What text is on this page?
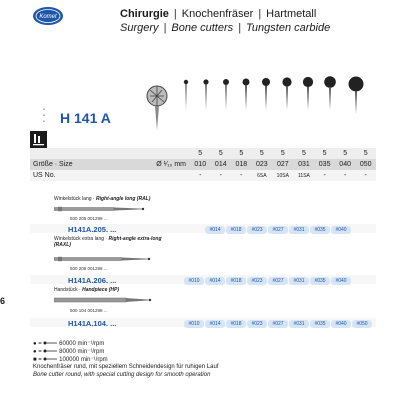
Komet	Chirurgie | Knochenfräser | Hartmetall
Surgery | Bone cutters | Tungsten carbide
●
●
● H 141 A
		5	5	5	5	5	5	5	5	5
Größe · Size	Ø ¹⁄₁₀ mm	010	014	018	023	027	031	035	040	050
US No.		-	-	-	6SA	10SA	11SA	-	-	-
Winkelstück lang · Right-angle long (RAL)
500 205 001298 ...
H141A.205. ...	#014	#018	#023	#027	#031	#035	#040
Winkelstück extra lang · Right-angle extra-long
(RAXL)
500 206 001298 ...
H141A.206. ...	#010	#014	#018	#023	#027	#031	#035	#040
Handstück · Handpiece (HP)
500 104 001298 ...
H141A.104. ...	#010	#014	#018	#023	#027	#031	#035	#040	#050
6
● =	60000 min⁻¹/rpm
● =	80000 min⁻¹/rpm
■ =	100000 min⁻¹/rpm
Knochenfräser rund, mit speziellem Schneidendesign für ruhigen Lauf
Bone cutter round, with special cutting design for smooth operation
